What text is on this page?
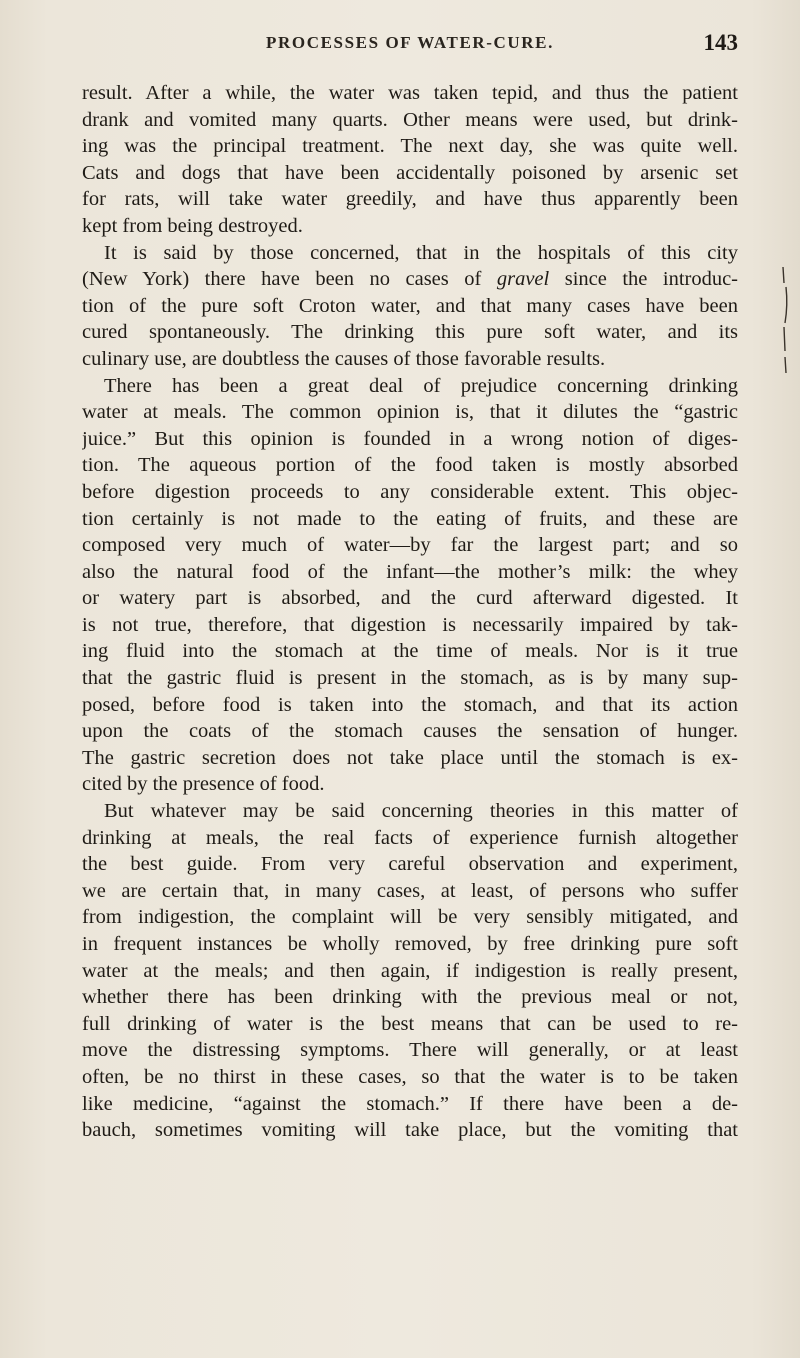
PROCESSES OF WATER-CURE.	143
result. After a while, the water was taken tepid, and thus the patient
drank and vomited many quarts. Other means were used, but drink-
ing was the principal treatment. The next day, she was quite well.
Cats and dogs that have been accidentally poisoned by arsenic set
for rats, will take water greedily, and have thus apparently been
kept from being destroyed.
It is said by those concerned, that in the hospitals of this city
(New York) there have been no cases of gravel since the introduc-
tion of the pure soft Croton water, and that many cases have been
cured spontaneously. The drinking this pure soft water, and its
culinary use, are doubtless the causes of those favorable results.
There has been a great deal of prejudice concerning drinking
water at meals. The common opinion is, that it dilutes the “gastric
juice.” But this opinion is founded in a wrong notion of diges-
tion. The aqueous portion of the food taken is mostly absorbed
before digestion proceeds to any considerable extent. This objec-
tion certainly is not made to the eating of fruits, and these are
composed very much of water—by far the largest part; and so
also the natural food of the infant—the mother’s milk: the whey
or watery part is absorbed, and the curd afterward digested. It
is not true, therefore, that digestion is necessarily impaired by tak-
ing fluid into the stomach at the time of meals. Nor is it true
that the gastric fluid is present in the stomach, as is by many sup-
posed, before food is taken into the stomach, and that its action
upon the coats of the stomach causes the sensation of hunger.
The gastric secretion does not take place until the stomach is ex-
cited by the presence of food.
But whatever may be said concerning theories in this matter of
drinking at meals, the real facts of experience furnish altogether
the best guide. From very careful observation and experiment,
we are certain that, in many cases, at least, of persons who suffer
from indigestion, the complaint will be very sensibly mitigated, and
in frequent instances be wholly removed, by free drinking pure soft
water at the meals; and then again, if indigestion is really present,
whether there has been drinking with the previous meal or not,
full drinking of water is the best means that can be used to re-
move the distressing symptoms. There will generally, or at least
often, be no thirst in these cases, so that the water is to be taken
like medicine, “against the stomach.” If there have been a de-
bauch, sometimes vomiting will take place, but the vomiting that
